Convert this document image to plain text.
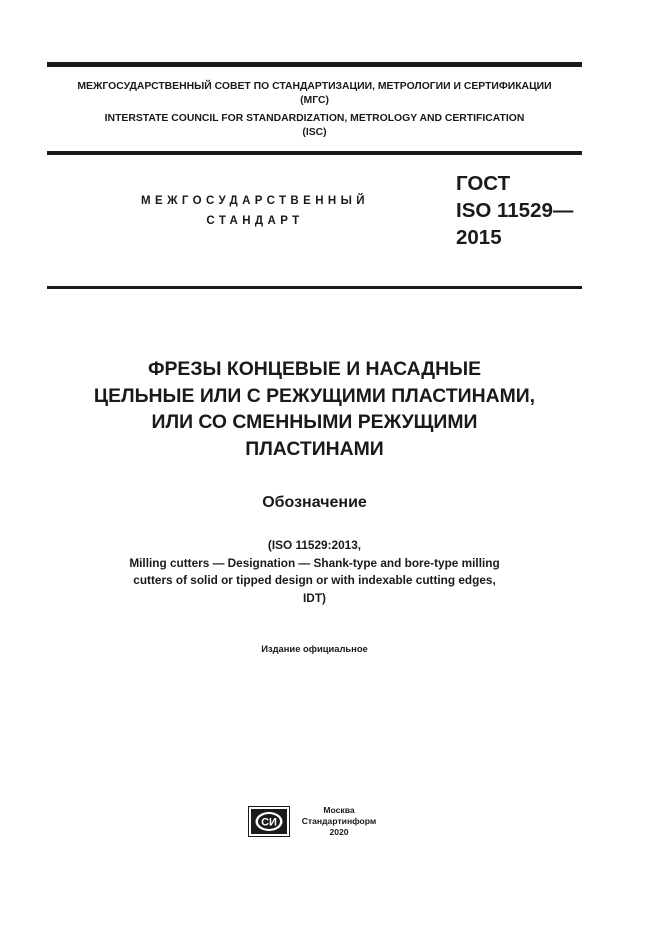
МЕЖГОСУДАРСТВЕННЫЙ СОВЕТ ПО СТАНДАРТИЗАЦИИ, МЕТРОЛОГИИ И СЕРТИФИКАЦИИ
(МГС)
INTERSTATE COUNCIL FOR STANDARDIZATION, METROLOGY AND CERTIFICATION
(ISC)
МЕЖГОСУДАРСТВЕННЫЙ
СТАНДАРТ
ГОСТ
ISO 11529—
2015
ФРЕЗЫ КОНЦЕВЫЕ И НАСАДНЫЕ
ЦЕЛЬНЫЕ ИЛИ С РЕЖУЩИМИ ПЛАСТИНАМИ,
ИЛИ СО СМЕННЫМИ РЕЖУЩИМИ
ПЛАСТИНАМИ
Обозначение
(ISO 11529:2013,
Milling cutters — Designation — Shank-type and bore-type milling
cutters of solid or tipped design or with indexable cutting edges,
IDT)
Издание официальное
СИ
Москва
Стандартинформ
2020
